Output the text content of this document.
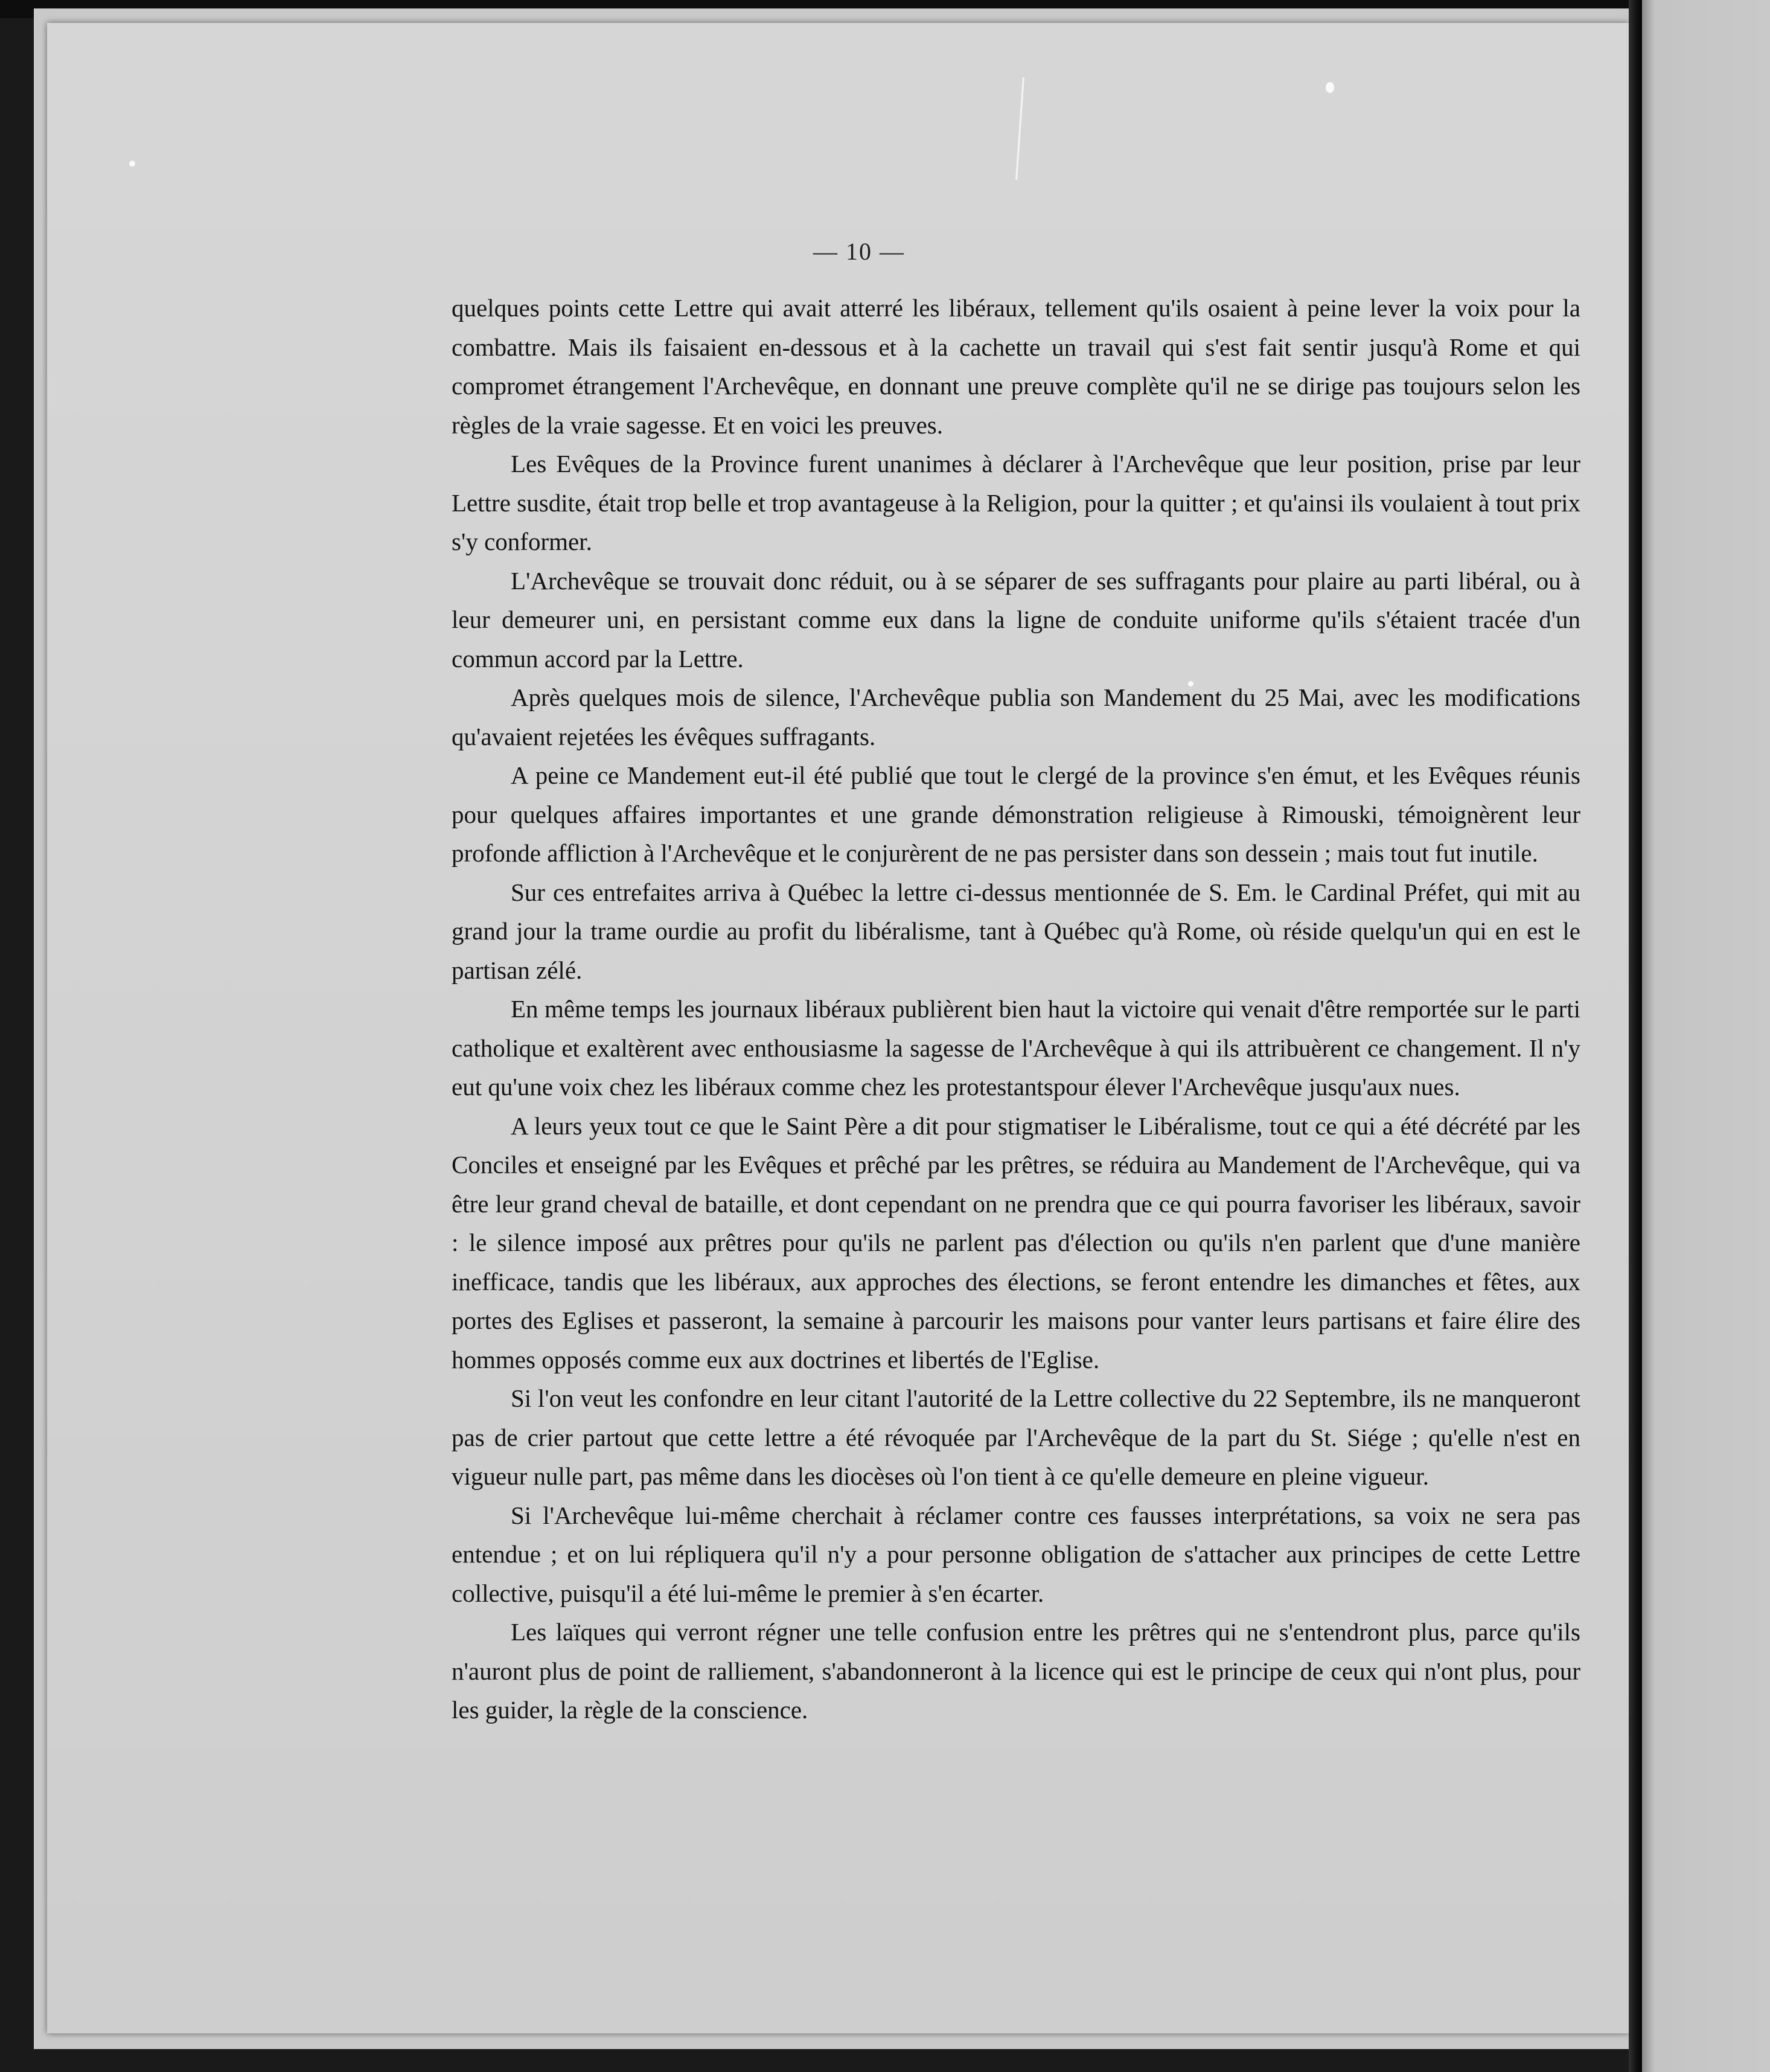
— 10 —

quelques points cette Lettre qui avait atterré les libéraux, tellement qu'ils osaient à peine lever la voix pour la combattre. Mais ils faisaient en-dessous et à la cachette un travail qui s'est fait sentir jusqu'à Rome et qui compromet étrangement l'Archevêque, en donnant une preuve complète qu'il ne se dirige pas toujours selon les règles de la vraie sagesse. Et en voici les preuves.

Les Evêques de la Province furent unanimes à déclarer à l'Archevêque que leur position, prise par leur Lettre susdite, était trop belle et trop avantageuse à la Religion, pour la quitter ; et qu'ainsi ils voulaient à tout prix s'y conformer.

L'Archevêque se trouvait donc réduit, ou à se séparer de ses suffragants pour plaire au parti libéral, ou à leur demeurer uni, en persistant comme eux dans la ligne de conduite uniforme qu'ils s'étaient tracée d'un commun accord par la Lettre.

Après quelques mois de silence, l'Archevêque publia son Mandement du 25 Mai, avec les modifications qu'avaient rejetées les évêques suffragants.

A peine ce Mandement eut-il été publié que tout le clergé de la province s'en émut, et les Evêques réunis pour quelques affaires importantes et une grande démonstration religieuse à Rimouski, témoignèrent leur profonde affliction à l'Archevêque et le conjurèrent de ne pas persister dans son dessein ; mais tout fut inutile.

Sur ces entrefaites arriva à Québec la lettre ci-dessus mentionnée de S. Em. le Cardinal Préfet, qui mit au grand jour la trame ourdie au profit du libéralisme, tant à Québec qu'à Rome, où réside quelqu'un qui en est le partisan zélé.

En même temps les journaux libéraux publièrent bien haut la victoire qui venait d'être remportée sur le parti catholique et exaltèrent avec enthousiasme la sagesse de l'Archevêque à qui ils attribuèrent ce changement. Il n'y eut qu'une voix chez les libéraux comme chez les protestantspour élever l'Archevêque jusqu'aux nues.

A leurs yeux tout ce que le Saint Père a dit pour stigmatiser le Libéralisme, tout ce qui a été décrété par les Conciles et enseigné par les Evêques et prêché par les prêtres, se réduira au Mandement de l'Archevêque, qui va être leur grand cheval de bataille, et dont cependant on ne prendra que ce qui pourra favoriser les libéraux, savoir : le silence imposé aux prêtres pour qu'ils ne parlent pas d'élection ou qu'ils n'en parlent que d'une manière inefficace, tandis que les libéraux, aux approches des élections, se feront entendre les dimanches et fêtes, aux portes des Eglises et passeront, la semaine à parcourir les maisons pour vanter leurs partisans et faire élire des hommes opposés comme eux aux doctrines et libertés de l'Eglise.

Si l'on veut les confondre en leur citant l'autorité de la Lettre collective du 22 Septembre, ils ne manqueront pas de crier partout que cette lettre a été révoquée par l'Archevêque de la part du St. Siége ; qu'elle n'est en vigueur nulle part, pas même dans les diocèses où l'on tient à ce qu'elle demeure en pleine vigueur.

Si l'Archevêque lui-même cherchait à réclamer contre ces fausses interprétations, sa voix ne sera pas entendue ; et on lui répliquera qu'il n'y a pour personne obligation de s'attacher aux principes de cette Lettre collective, puisqu'il a été lui-même le premier à s'en écarter.

Les laïques qui verront régner une telle confusion entre les prêtres qui ne s'entendront plus, parce qu'ils n'auront plus de point de ralliement, s'abandonneront à la licence qui est le principe de ceux qui n'ont plus, pour les guider, la règle de la conscience.
